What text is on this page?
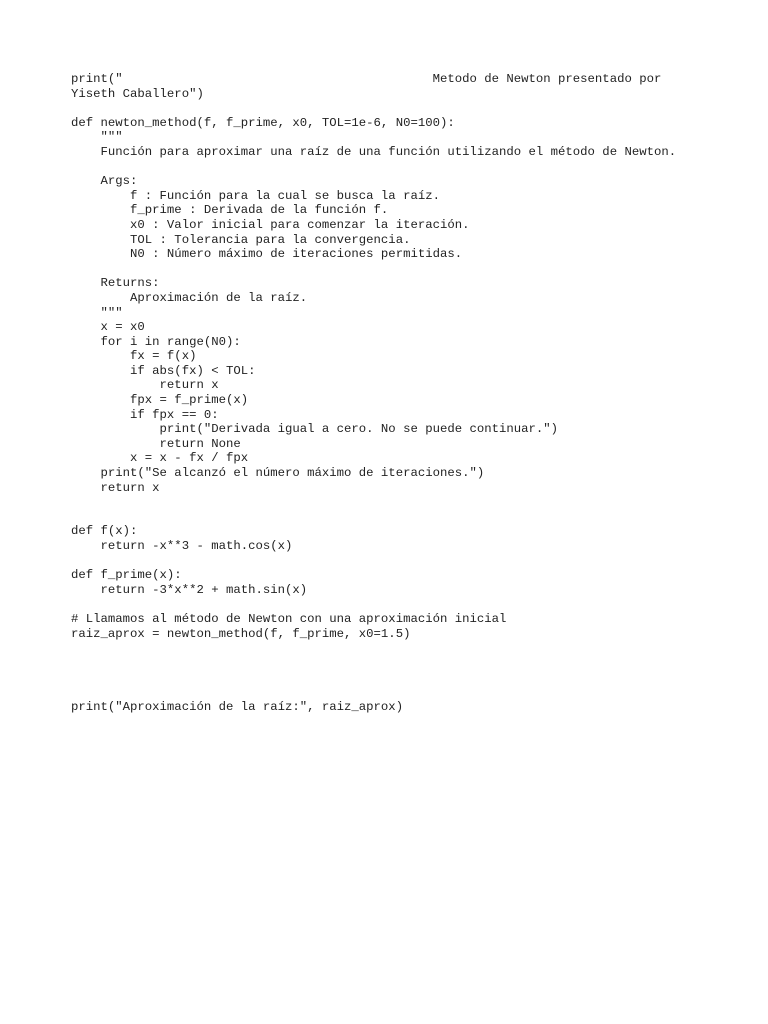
print("                                          Metodo de Newton presentado por
Yiseth Caballero")
def newton_method(f, f_prime, x0, TOL=1e-6, N0=100):
"""
Función para aproximar una raíz de una función utilizando el método de Newton.
Args:
f : Función para la cual se busca la raíz.
f_prime : Derivada de la función f.
x0 : Valor inicial para comenzar la iteración.
TOL : Tolerancia para la convergencia.
N0 : Número máximo de iteraciones permitidas.
Returns:
Aproximación de la raíz.
"""
x = x0
for i in range(N0):
fx = f(x)
if abs(fx) < TOL:
return x
fpx = f_prime(x)
if fpx == 0:
print("Derivada igual a cero. No se puede continuar.")
return None
x = x - fx / fpx
print("Se alcanzó el número máximo de iteraciones.")
return x
def f(x):
return -x**3 - math.cos(x)
def f_prime(x):
return -3*x**2 + math.sin(x)
# Llamamos al método de Newton con una aproximación inicial
raiz_aprox = newton_method(f, f_prime, x0=1.5)
print("Aproximación de la raíz:", raiz_aprox)
